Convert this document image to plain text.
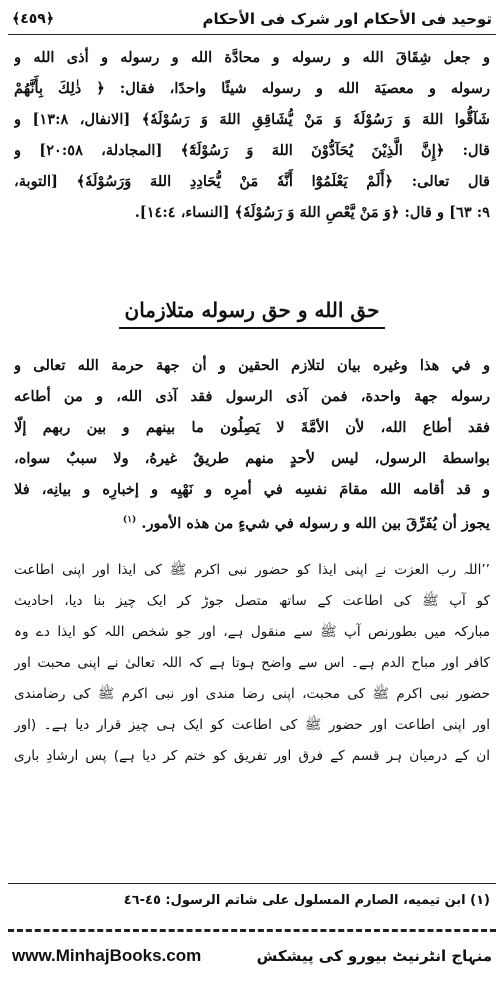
توحید فی الأحکام اور شرک فی الأحکام
﴾٤٥٩﴿
و جعل شِقَاقَ الله و رسوله و محادَّة الله و رسوله و أذی الله و
رسوله و معصيَة الله و رسوله شيئًا واحدًا، فقال: ﴿ ذٰلِكَ بِأَنَّهُمْ
شَآقُّوا اللهَ وَ رَسُوْلَهٗ وَ مَنْ يُّشَاقِقِ اللهَ وَ رَسُوْلَهٗ﴾ [الانفال، ١٣:٨] و
قال: ﴿إِنَّ الَّذِيْنَ يُحَآدُّوْنَ اللهَ وَ رَسُوْلَهٗٓ﴾ [المجادلة، ٢٠:٥٨] و
قال تعالى: ﴿أَلَمْ يَعْلَمُوْٓا أَنَّهٗ مَنْ يُّحَادِدِ اللهَ وَرَسُوْلَهٗ﴾ [التوبة،
٩: ٦٣] و قال: ﴿وَ مَنْ يَّعْصِ اللهَ وَ رَسُوْلَهٗ﴾ [النساء، ١٤:٤].
حق الله و حق رسوله متلازمان
و في هذا وغيره بيان لتلازم الحقين و أن جهة حرمة الله تعالى و
رسوله جهة واحدة، فمن آذى الرسول فقد آذى الله، و من أطاعه
فقد أطاع الله، لأن الأمَّةَ لا يَصِلُون ما بينهم و بين ربهم إلّا
بواسطة الرسول، ليس لأحدٍ منهم طريقٌ غيرهُ، ولا سببٌ سواه،
و قد أقامه الله مقامَ نفسِه في أمرِه و نَهْيِه و إخبارِه و بيانِه، فلا
يجوز أن يُفَرِّقَ بين الله و رسوله في شيءٍ من هذه الأمور. $^{(١)}$
’’اللہ رب العزت نے اپنی ایذا کو حضور نبی اکرم ﷺ کی ایذا اور اپنی اطاعت
کو آپ ﷺ کی اطاعت کے ساتھ متصل جوڑ کر ایک چیز بنا دیا، احادیث
مبارکہ میں بطورنص آپ ﷺ سے منقول ہے، اور جو شخص اللہ کو ایذا دے وہ
کافر اور مباح الدم ہے۔ اس سے واضح ہوتا ہے کہ اللہ تعالیٰ نے اپنی محبت اور
حضور نبی اکرم ﷺ کی محبت، اپنی رضا مندی اور نبی اکرم ﷺ کی رضامندی
اور اپنی اطاعت اور حضور ﷺ کی اطاعت کو ایک ہی چیز قرار دیا ہے۔ (اور
ان کے درمیان ہر قسم کے فرق اور تفریق کو ختم کر دیا ہے) پس ارشادِ باری
(١) ابن تيميه، الصارم المسلول على شاتم الرسول: ٤٥-٤٦
www.MinhajBooks.com	منہاج انٹرنیٹ بیورو کی پیشکش
